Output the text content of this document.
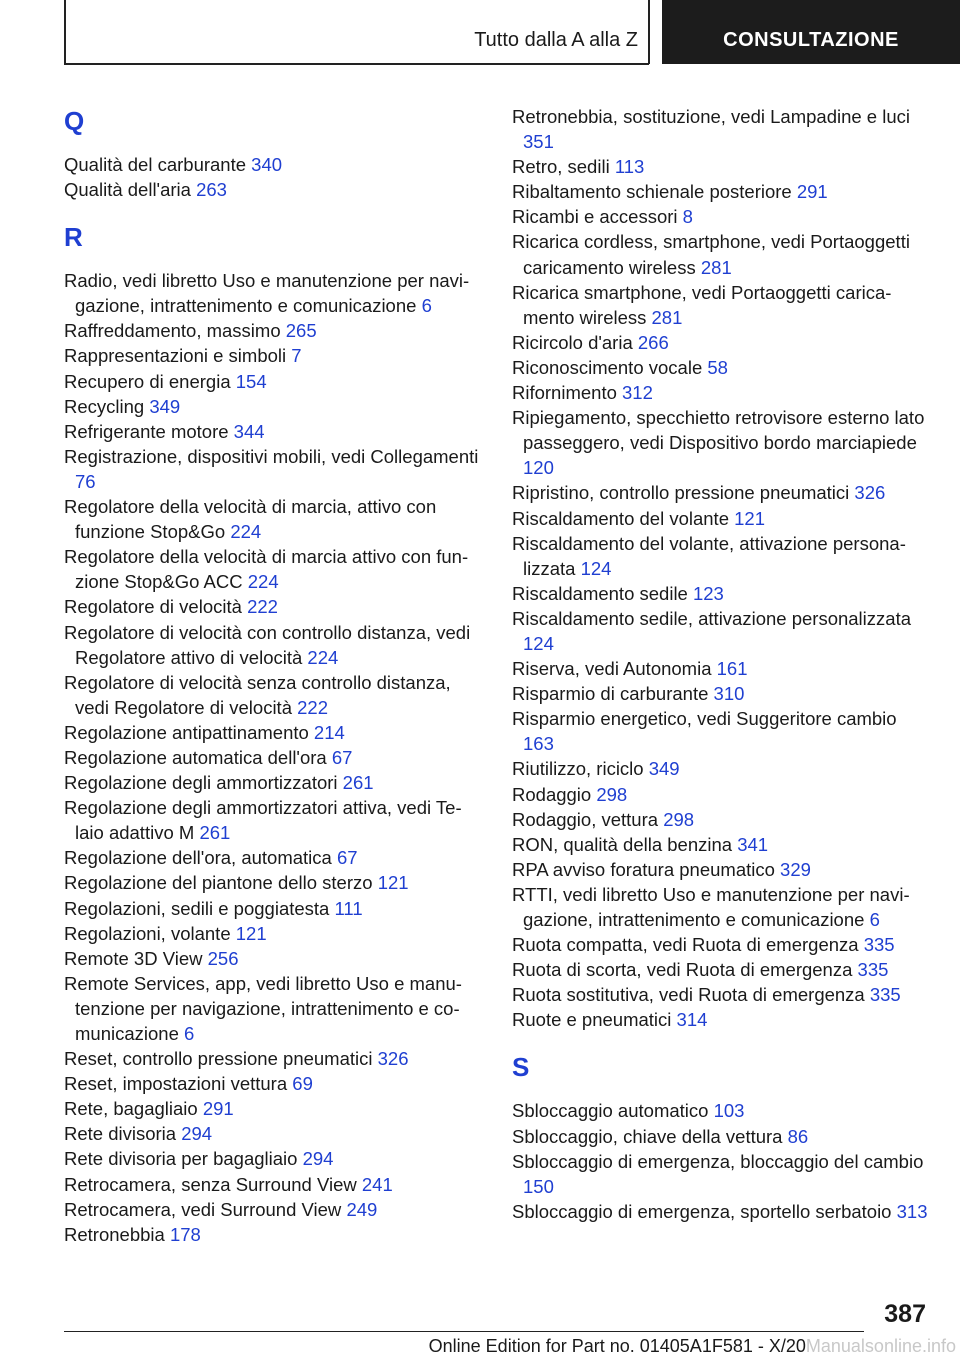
Tutto dalla A alla Z	CONSULTAZIONE
Q
Qualità del carburante 340
Qualità dell'aria 263
R
Radio, vedi libretto Uso e manutenzione per navigazione, intrattenimento e comunicazione 6
Raffreddamento, massimo 265
Rappresentazioni e simboli 7
Recupero di energia 154
Recycling 349
Refrigerante motore 344
Registrazione, dispositivi mobili, vedi Collegamenti 76
Regolatore della velocità di marcia, attivo con funzione Stop&Go 224
Regolatore della velocità di marcia attivo con funzione Stop&Go ACC 224
Regolatore di velocità 222
Regolatore di velocità con controllo distanza, vedi Regolatore attivo di velocità 224
Regolatore di velocità senza controllo distanza, vedi Regolatore di velocità 222
Regolazione antipattinamento 214
Regolazione automatica dell'ora 67
Regolazione degli ammortizzatori 261
Regolazione degli ammortizzatori attiva, vedi Telaio adattivo M 261
Regolazione dell'ora, automatica 67
Regolazione del piantone dello sterzo 121
Regolazioni, sedili e poggiatesta 111
Regolazioni, volante 121
Remote 3D View 256
Remote Services, app, vedi libretto Uso e manutenzione per navigazione, intrattenimento e comunicazione 6
Reset, controllo pressione pneumatici 326
Reset, impostazioni vettura 69
Rete, bagagliaio 291
Rete divisoria 294
Rete divisoria per bagagliaio 294
Retrocamera, senza Surround View 241
Retrocamera, vedi Surround View 249
Retronebbia 178
Retronebbia, sostituzione, vedi Lampadine e luci 351
Retro, sedili 113
Ribaltamento schienale posteriore 291
Ricambi e accessori 8
Ricarica cordless, smartphone, vedi Portaoggetti caricamento wireless 281
Ricarica smartphone, vedi Portaoggetti caricamento wireless 281
Ricircolo d'aria 266
Riconoscimento vocale 58
Rifornimento 312
Ripiegamento, specchietto retrovisore esterno lato passeggero, vedi Dispositivo bordo marciapiede 120
Ripristino, controllo pressione pneumatici 326
Riscaldamento del volante 121
Riscaldamento del volante, attivazione personalizzata 124
Riscaldamento sedile 123
Riscaldamento sedile, attivazione personalizzata 124
Riserva, vedi Autonomia 161
Risparmio di carburante 310
Risparmio energetico, vedi Suggeritore cambio 163
Riutilizzo, riciclo 349
Rodaggio 298
Rodaggio, vettura 298
RON, qualità della benzina 341
RPA avviso foratura pneumatico 329
RTTI, vedi libretto Uso e manutenzione per navigazione, intrattenimento e comunicazione 6
Ruota compatta, vedi Ruota di emergenza 335
Ruota di scorta, vedi Ruota di emergenza 335
Ruota sostitutiva, vedi Ruota di emergenza 335
Ruote e pneumatici 314
S
Sbloccaggio automatico 103
Sbloccaggio, chiave della vettura 86
Sbloccaggio di emergenza, bloccaggio del cambio 150
Sbloccaggio di emergenza, sportello serbatoio 313
387
Online Edition for Part no. 01405A1F581 - X/20Manualsonline.info
